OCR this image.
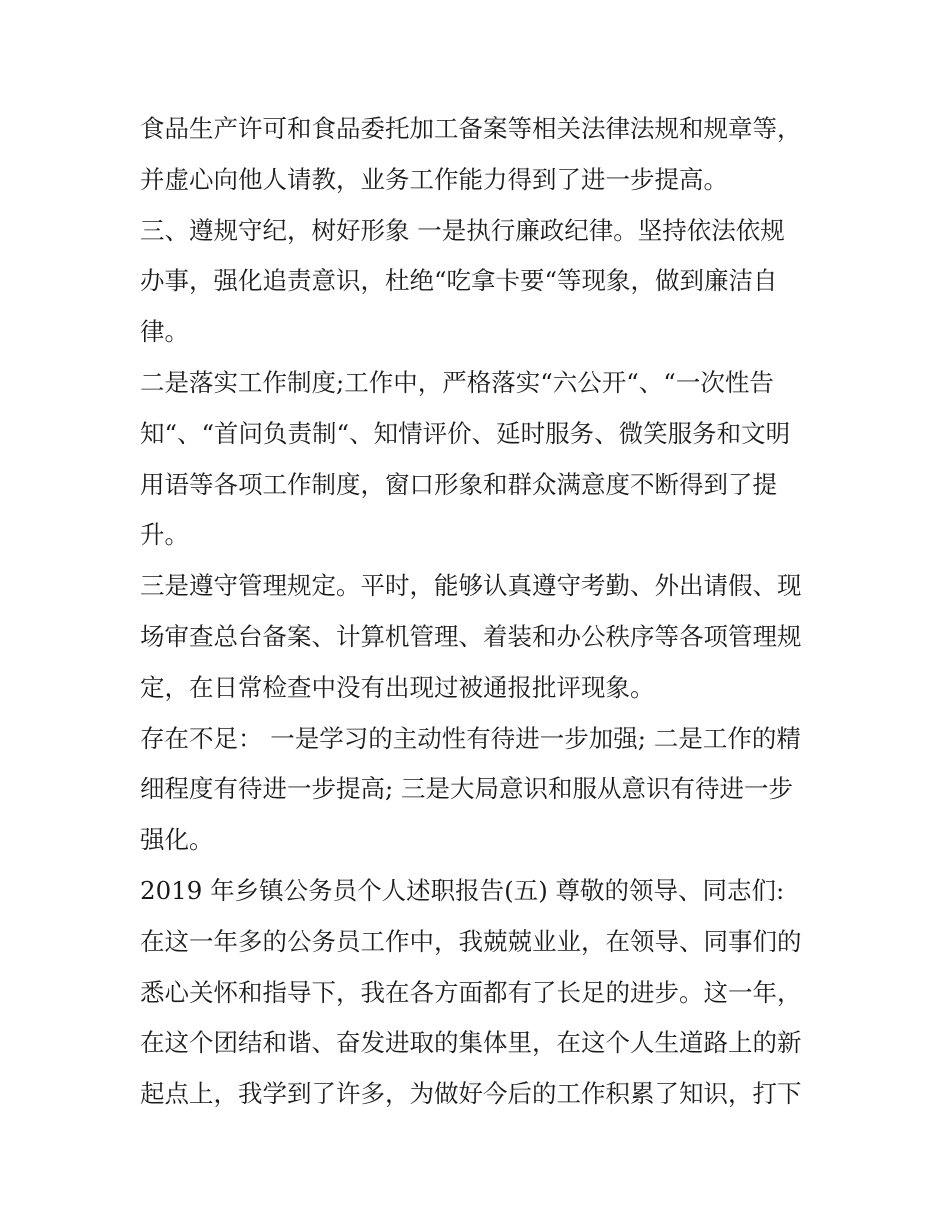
食品生产许可和食品委托加工备案等相关法律法规和规章等，
并虚心向他人请教，业务工作能力得到了进一步提高。
三、遵规守纪，树好形象 一是执行廉政纪律。坚持依法依规
办事，强化追责意识，杜绝“吃拿卡要“等现象，做到廉洁自
律。
二是落实工作制度;工作中，严格落实“六公开“、“一次性告
知“、“首问负责制“、知情评价、延时服务、微笑服务和文明
用语等各项工作制度，窗口形象和群众满意度不断得到了提
升。
三是遵守管理规定。平时，能够认真遵守考勤、外出请假、现
场审查总台备案、计算机管理、着装和办公秩序等各项管理规
定，在日常检查中没有出现过被通报批评现象。
存在不足： 一是学习的主动性有待进一步加强; 二是工作的精
细程度有待进一步提高; 三是大局意识和服从意识有待进一步
强化。
2019 年乡镇公务员个人述职报告(五) 尊敬的领导、同志们:
在这一年多的公务员工作中，我兢兢业业，在领导、同事们的
悉心关怀和指导下，我在各方面都有了长足的进步。这一年，
在这个团结和谐、奋发进取的集体里，在这个人生道路上的新
起点上，我学到了许多，为做好今后的工作积累了知识，打下
